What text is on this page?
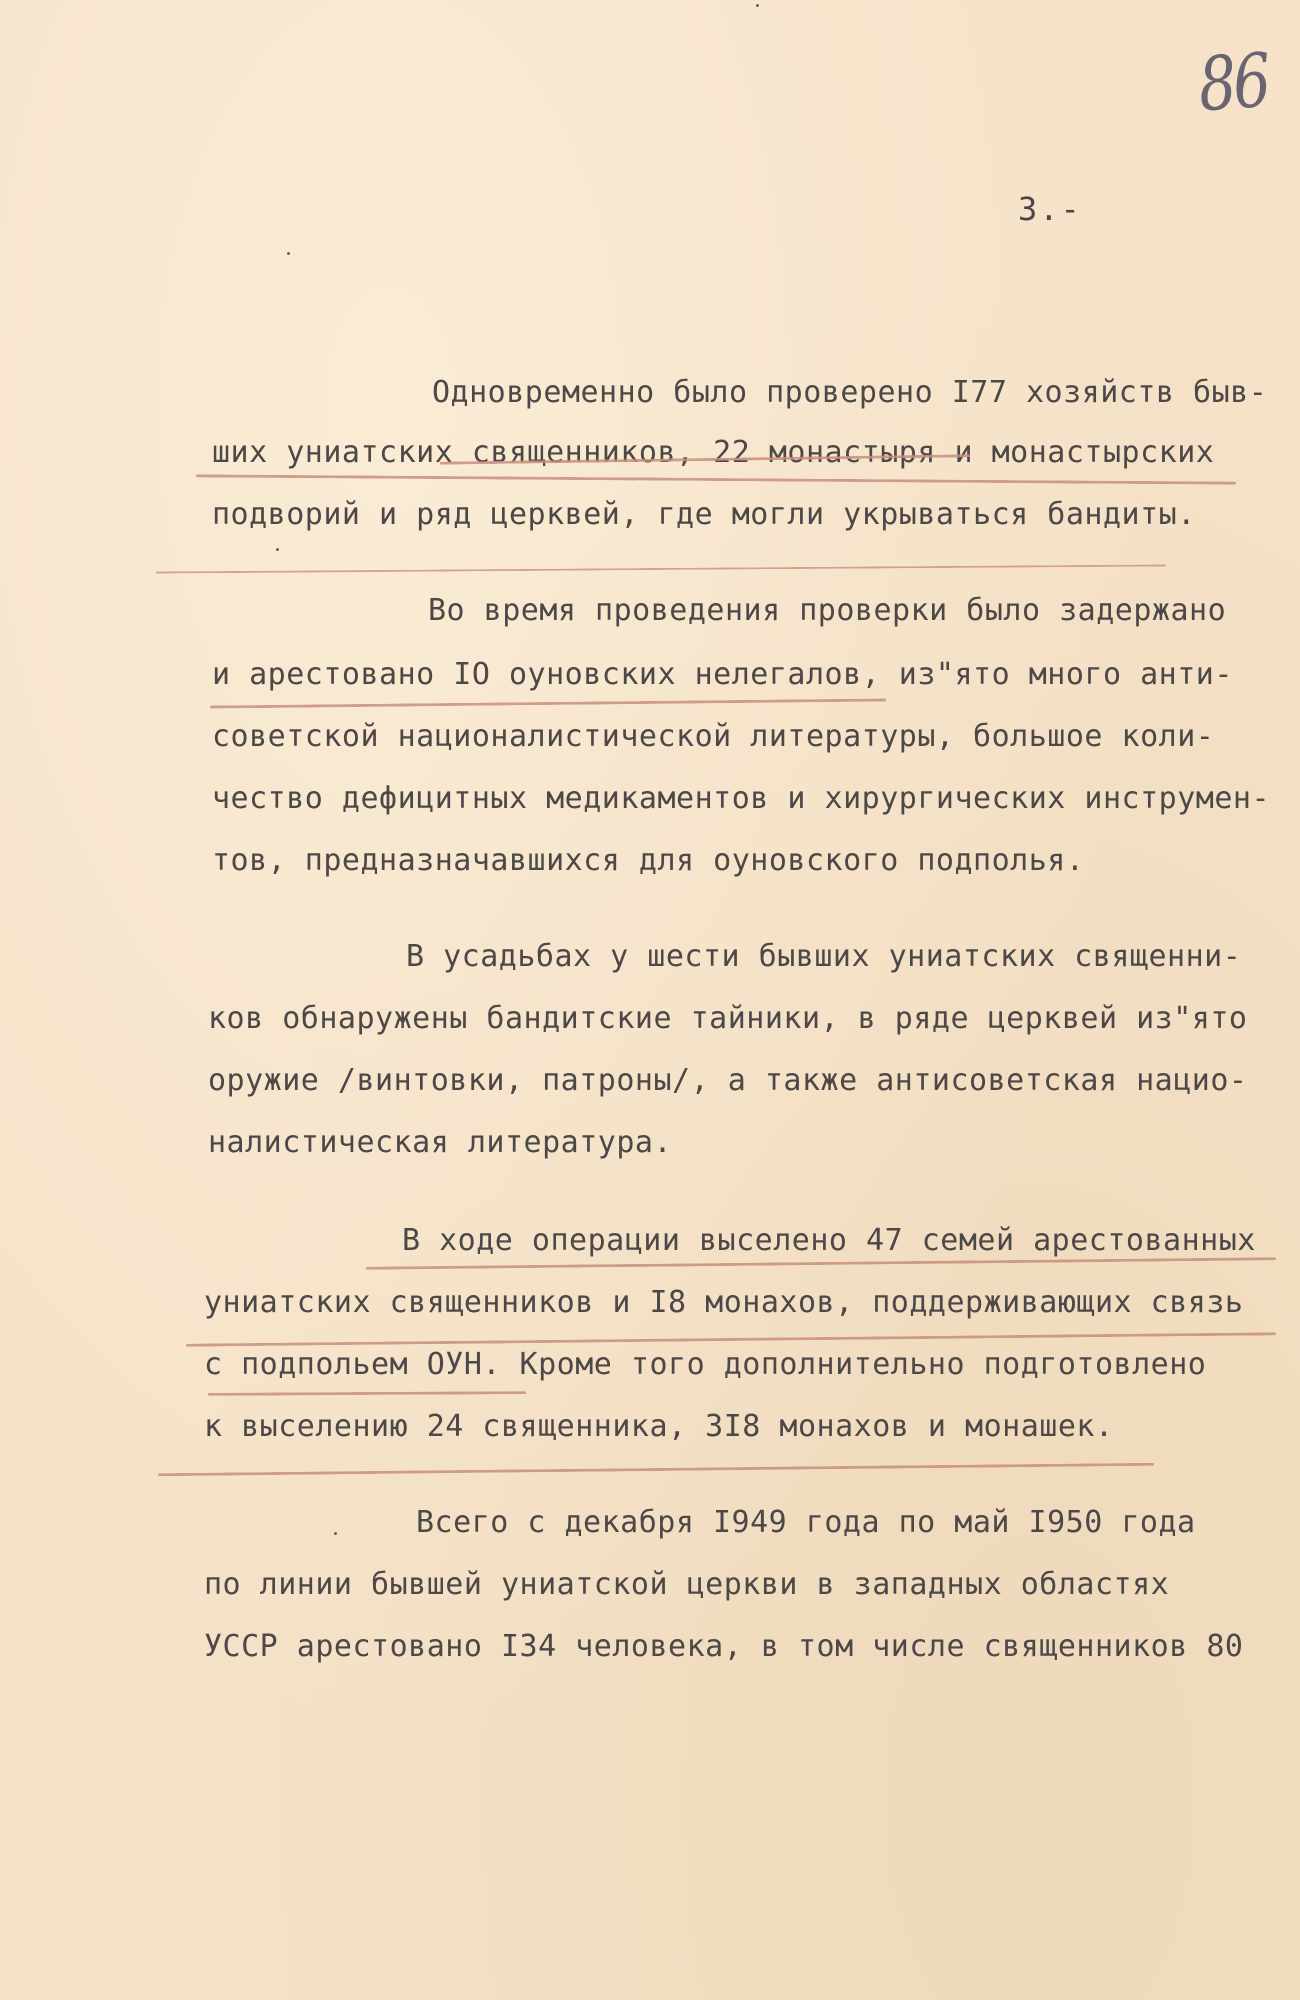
86
3.-
Одновременно было проверено I77 хозяйств быв-
ших униатских священников, 22 монастыря и монастырских
подворий и ряд церквей, где могли укрываться бандиты.
Во время проведения проверки было задержано
и арестовано IO оуновских нелегалов, из"ято много анти-
советской националистической литературы, большое коли-
чество дефицитных медикаментов и хирургических инструмен-
тов, предназначавшихся для оуновского подполья.
В усадьбах у шести бывших униатских священни-
ков обнаружены бандитские тайники, в ряде церквей из"ято
оружие /винтовки, патроны/, а также антисоветская нацио-
налистическая литература.
В ходе операции выселено 47 семей арестованных
униатских священников и I8 монахов, поддерживающих связь
с подпольем ОУН. Кроме того дополнительно подготовлено
к выселению 24 священника, 3I8 монахов и монашек.
Всего с декабря I949 года по май I950 года
по линии бывшей униатской церкви в западных областях
УССР арестовано I34 человека, в том числе священников 80
